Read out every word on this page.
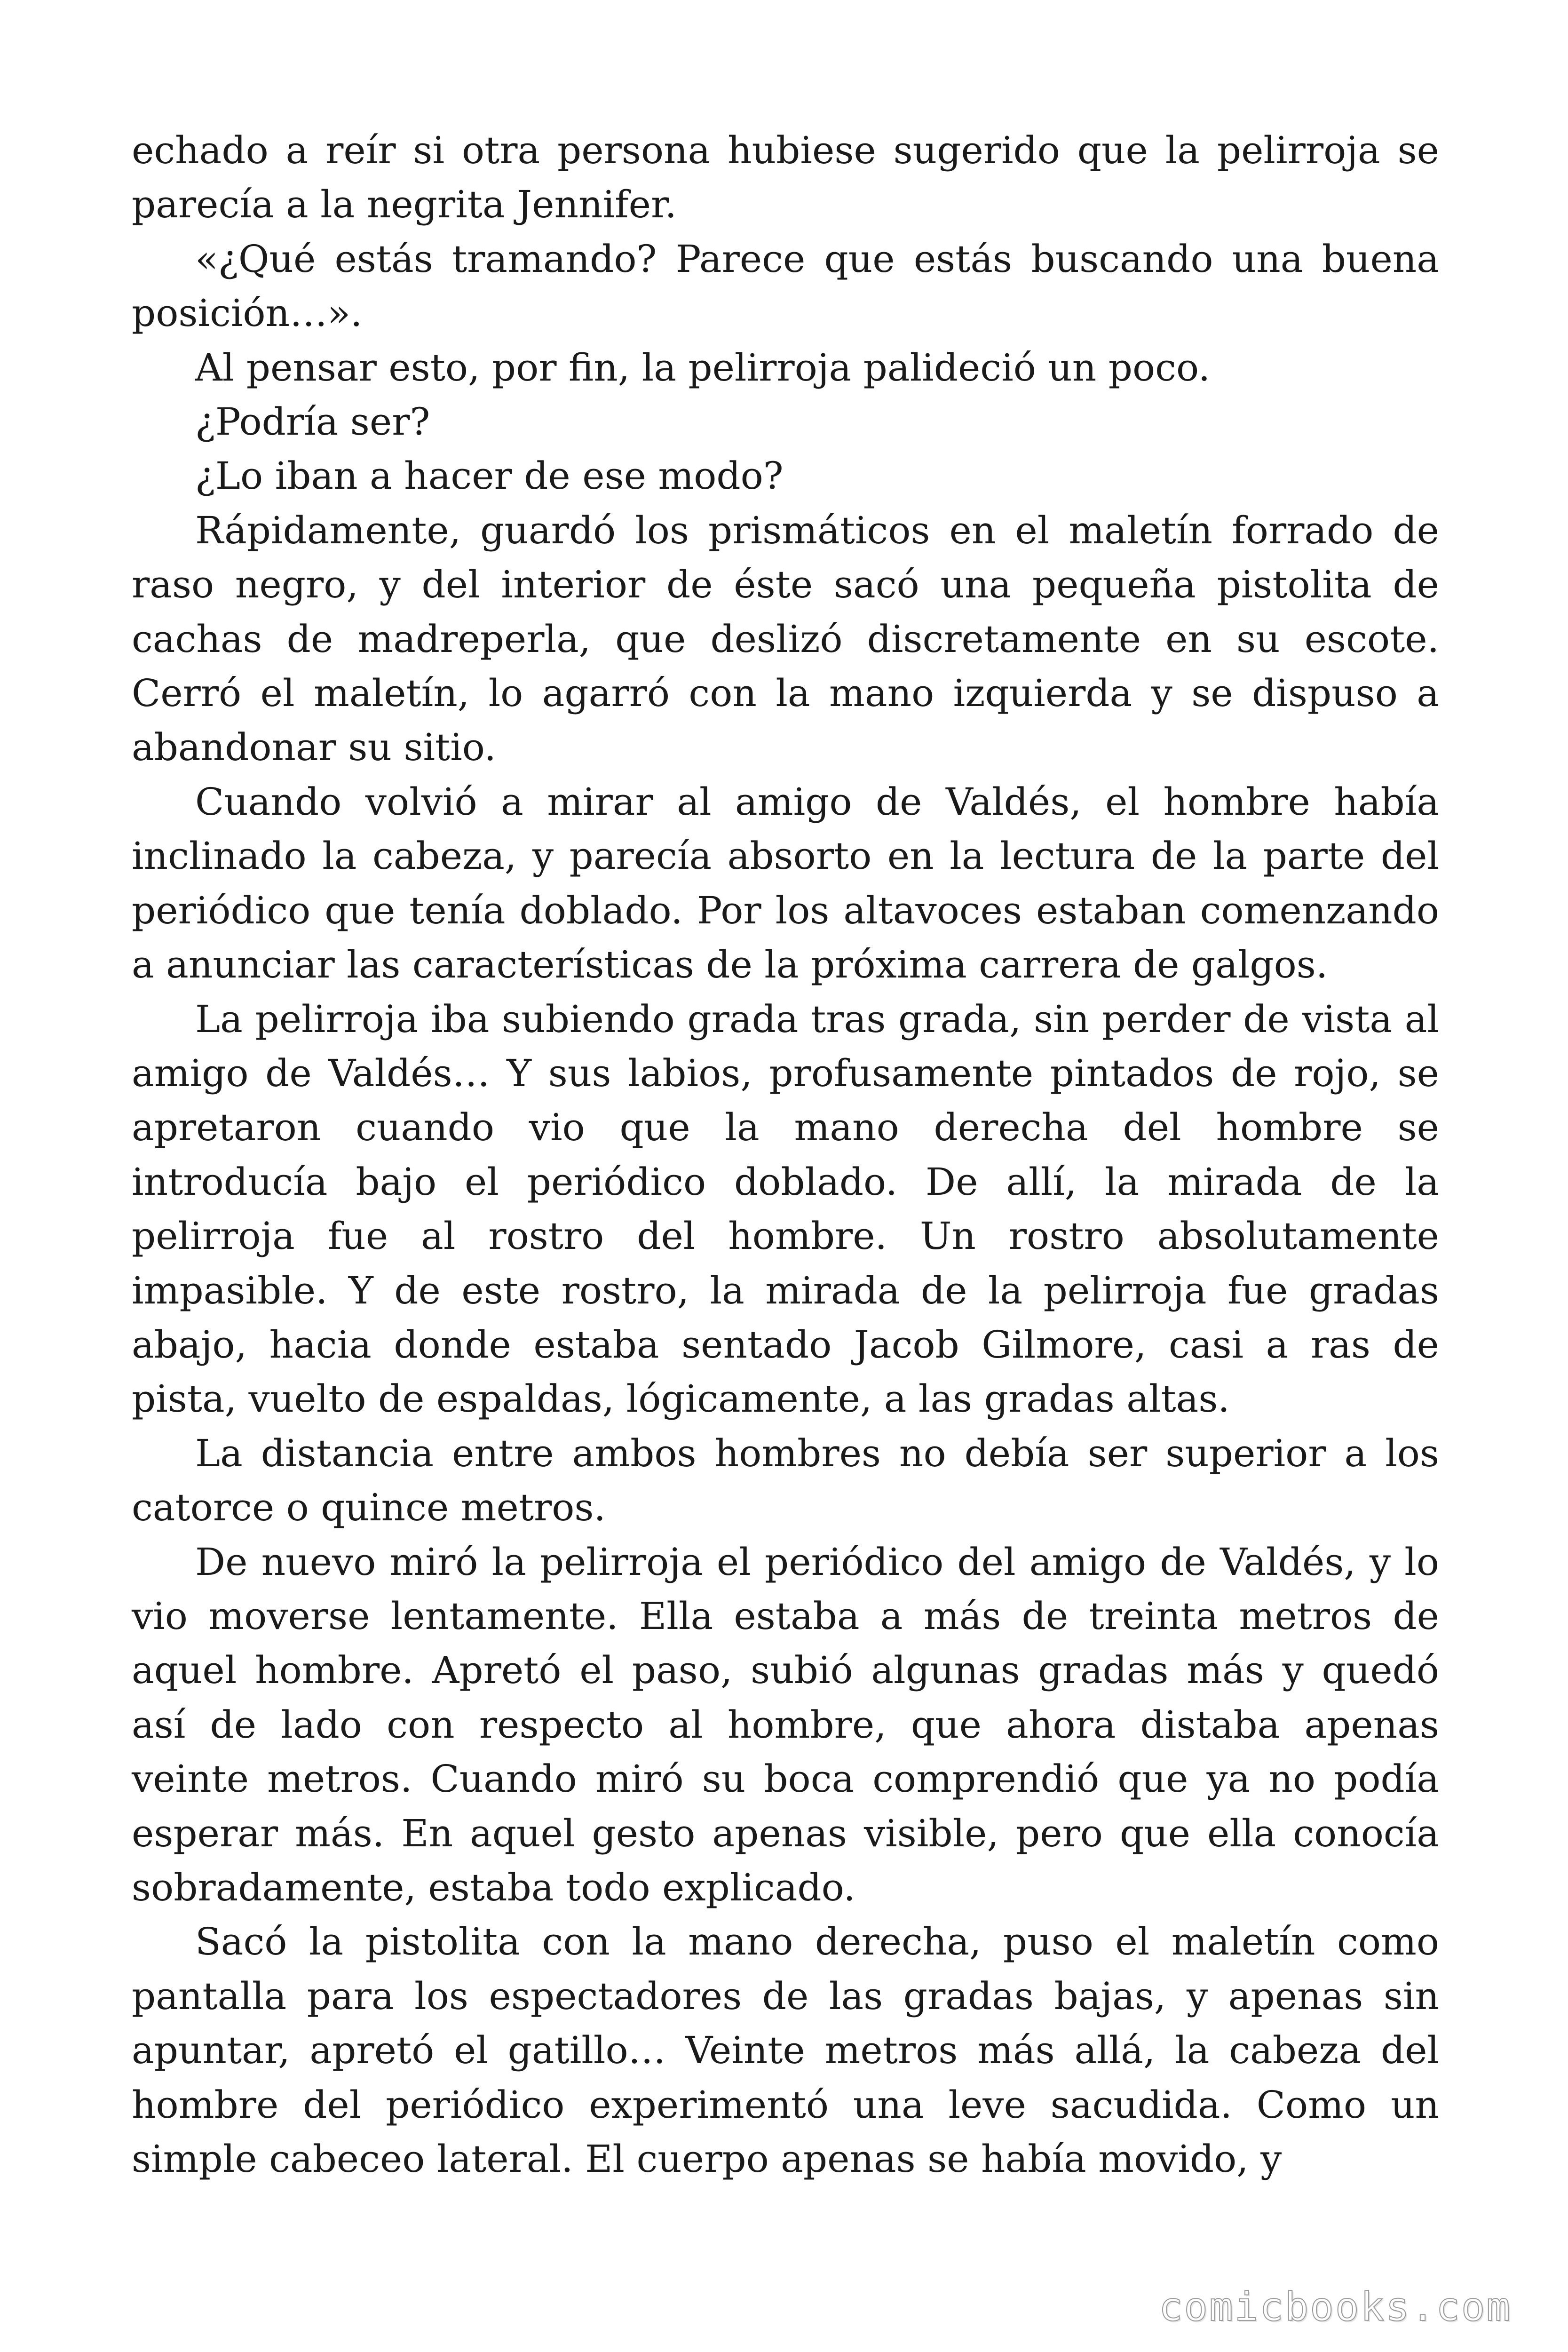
echado a reír si otra persona hubiese sugerido que la pelirroja se parecía a la negrita Jennifer.

«¿Qué estás tramando? Parece que estás buscando una buena posición…».

Al pensar esto, por fin, la pelirroja palideció un poco.

¿Podría ser?

¿Lo iban a hacer de ese modo?

Rápidamente, guardó los prismáticos en el maletín forrado de raso negro, y del interior de éste sacó una pequeña pistolita de cachas de madreperla, que deslizó discretamente en su escote. Cerró el maletín, lo agarró con la mano izquierda y se dispuso a abandonar su sitio.

Cuando volvió a mirar al amigo de Valdés, el hombre había inclinado la cabeza, y parecía absorto en la lectura de la parte del periódico que tenía doblado. Por los altavoces estaban comenzando a anunciar las características de la próxima carrera de galgos.

La pelirroja iba subiendo grada tras grada, sin perder de vista al amigo de Valdés… Y sus labios, profusamente pintados de rojo, se apretaron cuando vio que la mano derecha del hombre se introducía bajo el periódico doblado. De allí, la mirada de la pelirroja fue al rostro del hombre. Un rostro absolutamente impasible. Y de este rostro, la mirada de la pelirroja fue gradas abajo, hacia donde estaba sentado Jacob Gilmore, casi a ras de pista, vuelto de espaldas, lógicamente, a las gradas altas.

La distancia entre ambos hombres no debía ser superior a los catorce o quince metros.

De nuevo miró la pelirroja el periódico del amigo de Valdés, y lo vio moverse lentamente. Ella estaba a más de treinta metros de aquel hombre. Apretó el paso, subió algunas gradas más y quedó así de lado con respecto al hombre, que ahora distaba apenas veinte metros. Cuando miró su boca comprendió que ya no podía esperar más. En aquel gesto apenas visible, pero que ella conocía sobradamente, estaba todo explicado.

Sacó la pistolita con la mano derecha, puso el maletín como pantalla para los espectadores de las gradas bajas, y apenas sin apuntar, apretó el gatillo… Veinte metros más allá, la cabeza del hombre del periódico experimentó una leve sacudida. Como un simple cabeceo lateral. El cuerpo apenas se había movido, y

comicbooks.com
